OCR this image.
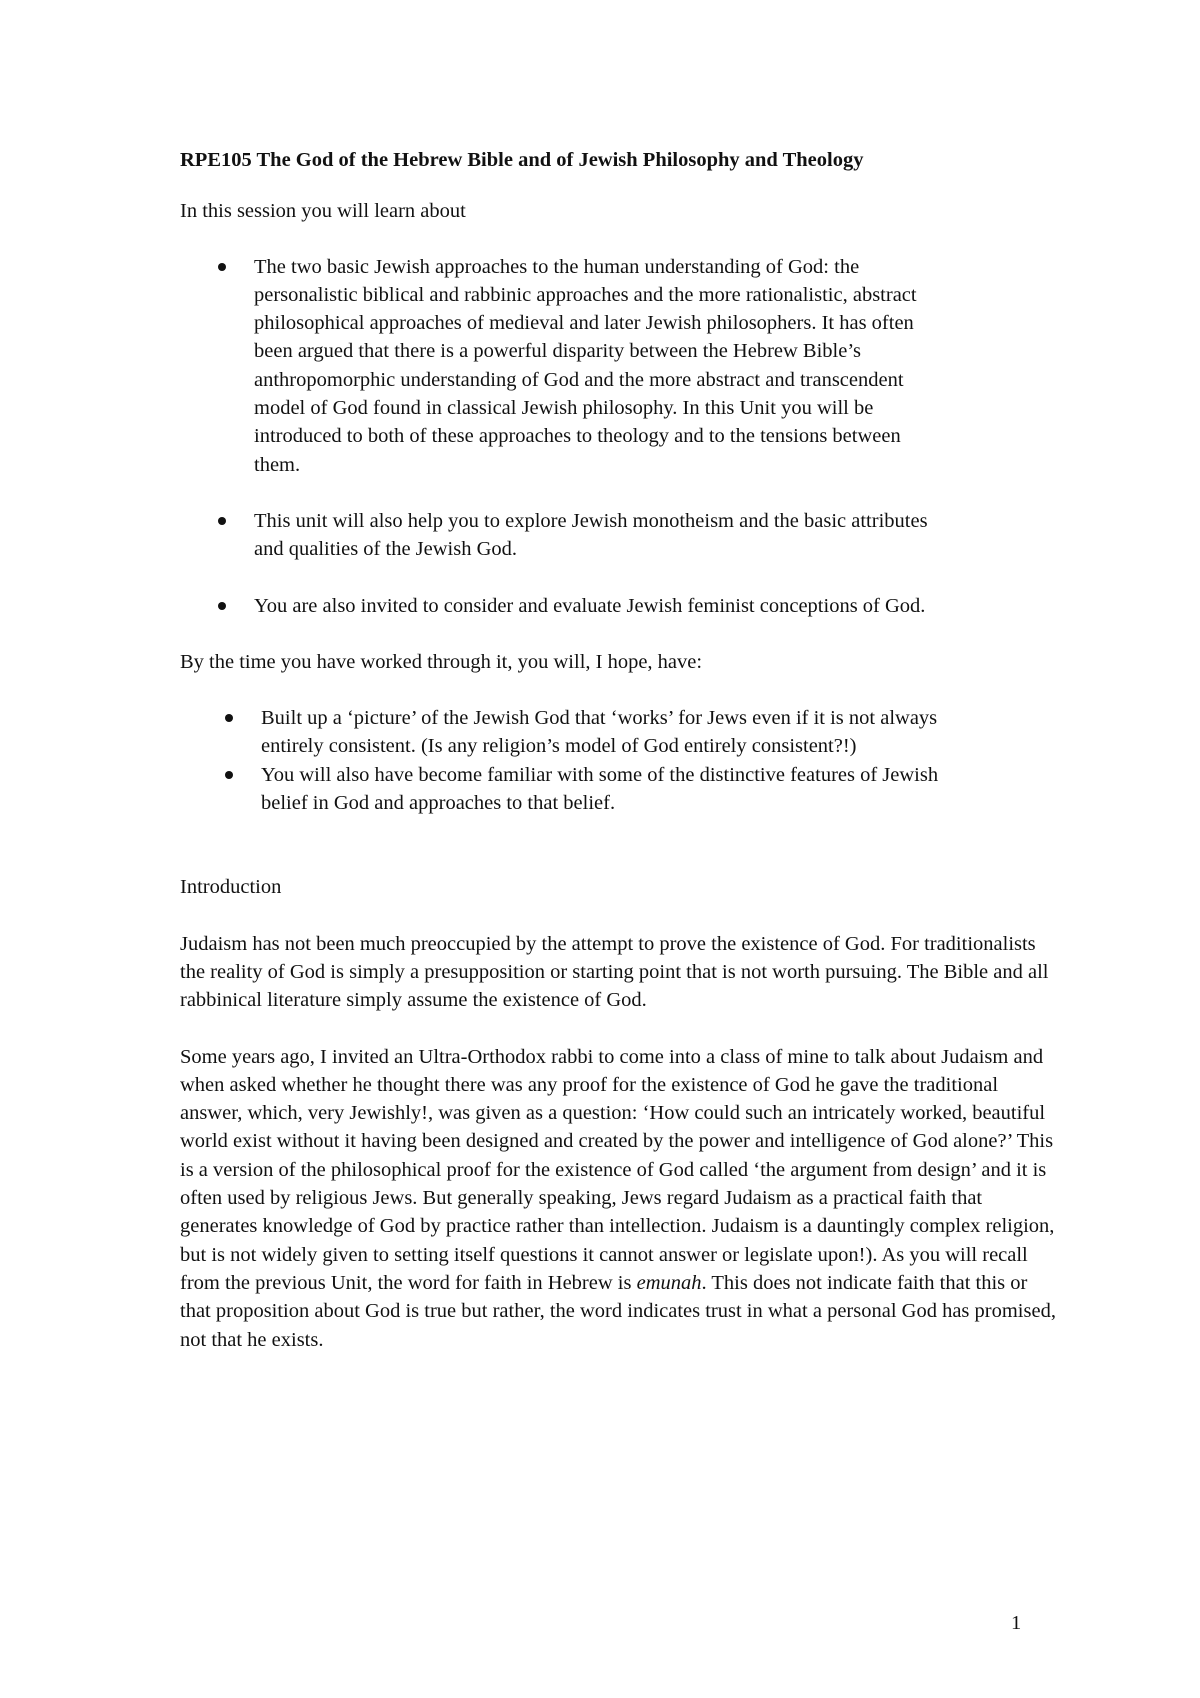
RPE105 The God of the Hebrew Bible and of Jewish Philosophy and Theology

In this session you will learn about

The two basic Jewish approaches to the human understanding of God: the personalistic biblical and rabbinic approaches and the more rationalistic, abstract philosophical approaches of medieval and later Jewish philosophers. It has often been argued that there is a powerful disparity between the Hebrew Bible’s anthropomorphic understanding of God and the more abstract and transcendent model of God found in classical Jewish philosophy. In this Unit you will be introduced to both of these approaches to theology and to the tensions between them.
This unit will also help you to explore Jewish monotheism and the basic attributes and qualities of the Jewish God.
You are also invited to consider and evaluate Jewish feminist conceptions of God.

By the time you have worked through it, you will, I hope, have:

Built up a ‘picture’ of the Jewish God that ‘works’ for Jews even if it is not always entirely consistent. (Is any religion’s model of God entirely consistent?!)
You will also have become familiar with some of the distinctive features of Jewish belief in God and approaches to that belief.

Introduction

Judaism has not been much preoccupied by the attempt to prove the existence of God. For traditionalists the reality of God is simply a presupposition or starting point that is not worth pursuing. The Bible and all rabbinical literature simply assume the existence of God.

Some years ago, I invited an Ultra-Orthodox rabbi to come into a class of mine to talk about Judaism and when asked whether he thought there was any proof for the existence of God he gave the traditional answer, which, very Jewishly!, was given as a question: ‘How could such an intricately worked, beautiful world exist without it having been designed and created by the power and intelligence of God alone?’ This is a version of the philosophical proof for the existence of God called ‘the argument from design’ and it is often used by religious Jews. But generally speaking, Jews regard Judaism as a practical faith that generates knowledge of God by practice rather than intellection. Judaism is a dauntingly complex religion, but is not widely given to setting itself questions it cannot answer or legislate upon!). As you will recall from the previous Unit, the word for faith in Hebrew is emunah. This does not indicate faith that this or that proposition about God is true but rather, the word indicates trust in what a personal God has promised, not that he exists.

1
